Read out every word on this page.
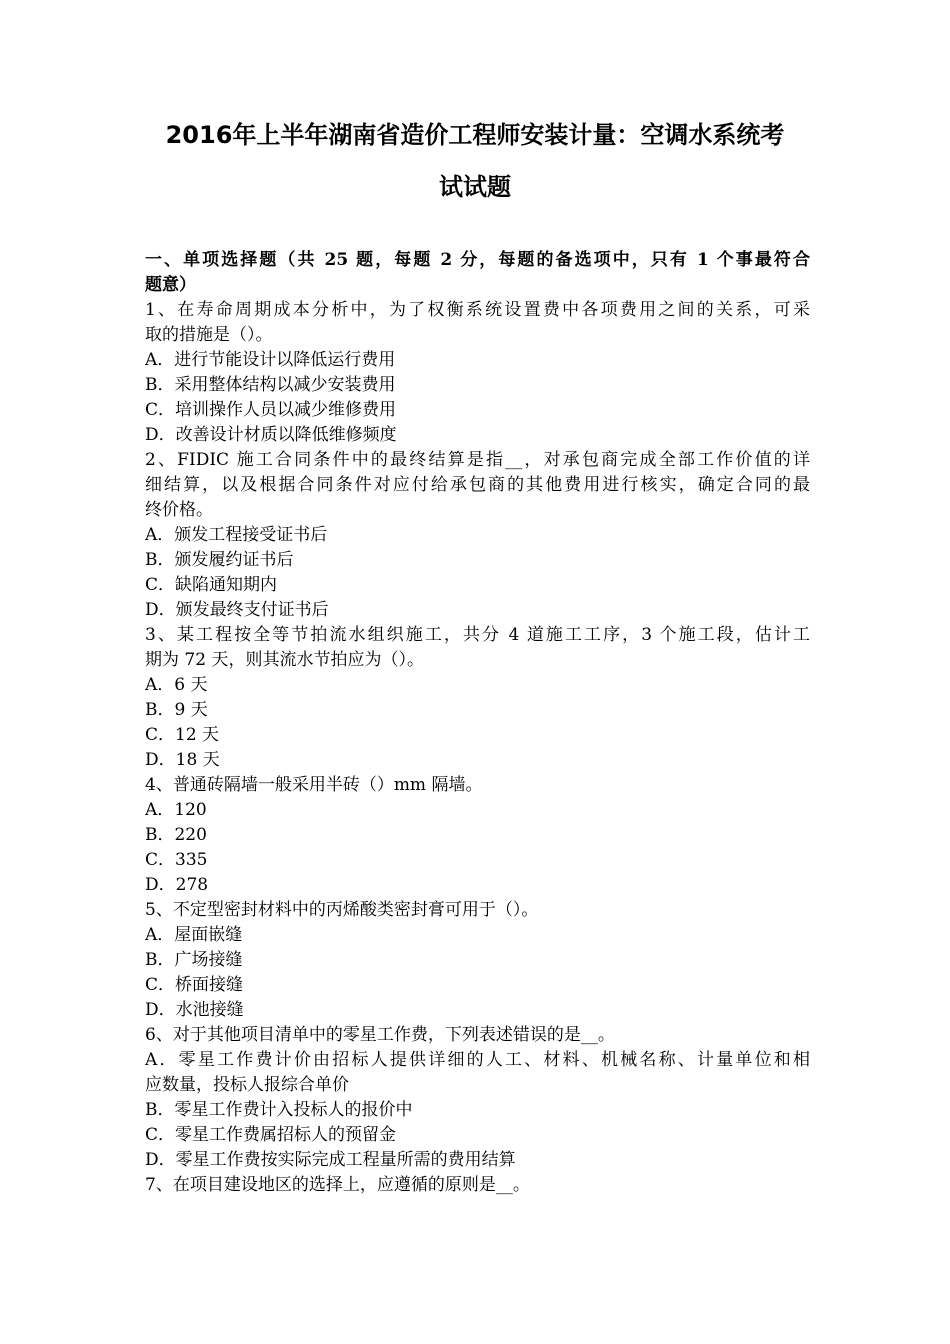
2016年上半年湖南省造价工程师安装计量：空调水系统考
试试题
一、单项选择题（共 25 题，每题 2 分，每题的备选项中，只有 1 个事最符合
题意）
1、在寿命周期成本分析中，为了权衡系统设置费中各项费用之间的关系，可采
取的措施是（）。
A．进行节能设计以降低运行费用
B．采用整体结构以减少安装费用
C．培训操作人员以减少维修费用
D．改善设计材质以降低维修频度
2、FIDIC 施工合同条件中的最终结算是指__，对承包商完成全部工作价值的详
细结算，以及根据合同条件对应付给承包商的其他费用进行核实，确定合同的最
终价格。
A．颁发工程接受证书后
B．颁发履约证书后
C．缺陷通知期内
D．颁发最终支付证书后
3、某工程按全等节拍流水组织施工，共分 4 道施工工序，3 个施工段，估计工
期为 72 天，则其流水节拍应为（）。
A．6 天
B．9 天
C．12 天
D．18 天
4、普通砖隔墙一般采用半砖（）mm 隔墙。
A．120
B．220
C．335
D．278
5、不定型密封材料中的丙烯酸类密封膏可用于（）。
A．屋面嵌缝
B．广场接缝
C．桥面接缝
D．水池接缝
6、对于其他项目清单中的零星工作费，下列表述错误的是__。
A．零星工作费计价由招标人提供详细的人工、材料、机械名称、计量单位和相
应数量，投标人报综合单价
B．零星工作费计入投标人的报价中
C．零星工作费属招标人的预留金
D．零星工作费按实际完成工程量所需的费用结算
7、在项目建设地区的选择上，应遵循的原则是__。
